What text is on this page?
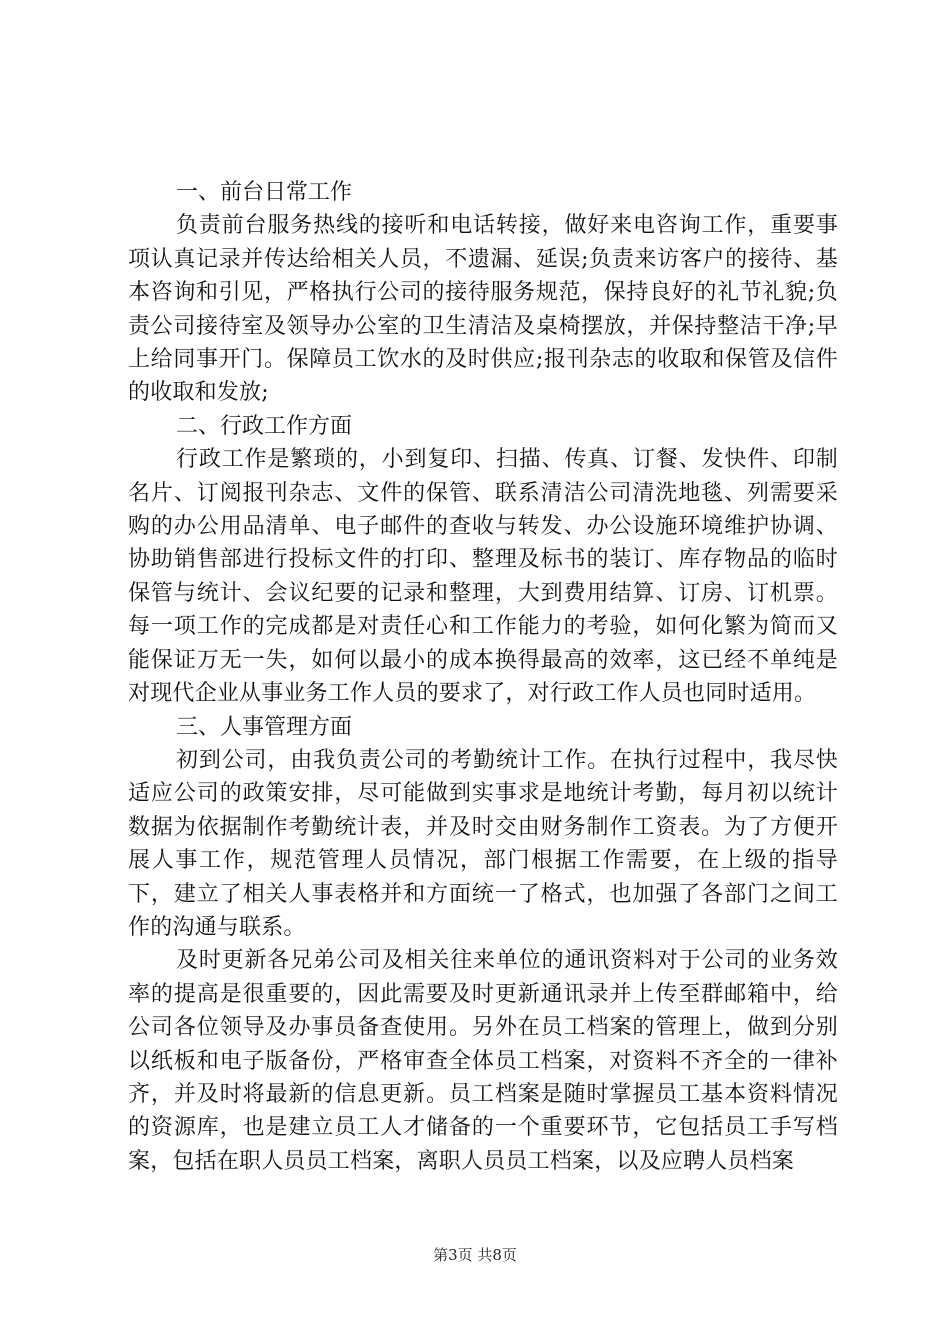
一、前台日常工作

负责前台服务热线的接听和电话转接，做好来电咨询工作，重要事项认真记录并传达给相关人员，不遗漏、延误;负责来访客户的接待、基本咨询和引见，严格执行公司的接待服务规范，保持良好的礼节礼貌;负责公司接待室及领导办公室的卫生清洁及桌椅摆放，并保持整洁干净;早上给同事开门。保障员工饮水的及时供应;报刊杂志的收取和保管及信件的收取和发放;

二、行政工作方面

行政工作是繁琐的，小到复印、扫描、传真、订餐、发快件、印制名片、订阅报刊杂志、文件的保管、联系清洁公司清洗地毯、列需要采购的办公用品清单、电子邮件的查收与转发、办公设施环境维护协调、协助销售部进行投标文件的打印、整理及标书的装订、库存物品的临时保管与统计、会议纪要的记录和整理，大到费用结算、订房、订机票。每一项工作的完成都是对责任心和工作能力的考验，如何化繁为简而又能保证万无一失，如何以最小的成本换得最高的效率，这已经不单纯是对现代企业从事业务工作人员的要求了，对行政工作人员也同时适用。

三、人事管理方面

初到公司，由我负责公司的考勤统计工作。在执行过程中，我尽快适应公司的政策安排，尽可能做到实事求是地统计考勤，每月初以统计数据为依据制作考勤统计表，并及时交由财务制作工资表。为了方便开展人事工作，规范管理人员情况，部门根据工作需要，在上级的指导下，建立了相关人事表格并和方面统一了格式，也加强了各部门之间工作的沟通与联系。

及时更新各兄弟公司及相关往来单位的通讯资料对于公司的业务效率的提高是很重要的，因此需要及时更新通讯录并上传至群邮箱中，给公司各位领导及办事员备查使用。另外在员工档案的管理上，做到分别以纸板和电子版备份，严格审查全体员工档案，对资料不齐全的一律补齐，并及时将最新的信息更新。员工档案是随时掌握员工基本资料情况的资源库，也是建立员工人才储备的一个重要环节，它包括员工手写档案，包括在职人员员工档案，离职人员员工档案，以及应聘人员档案

第3页 共8页
